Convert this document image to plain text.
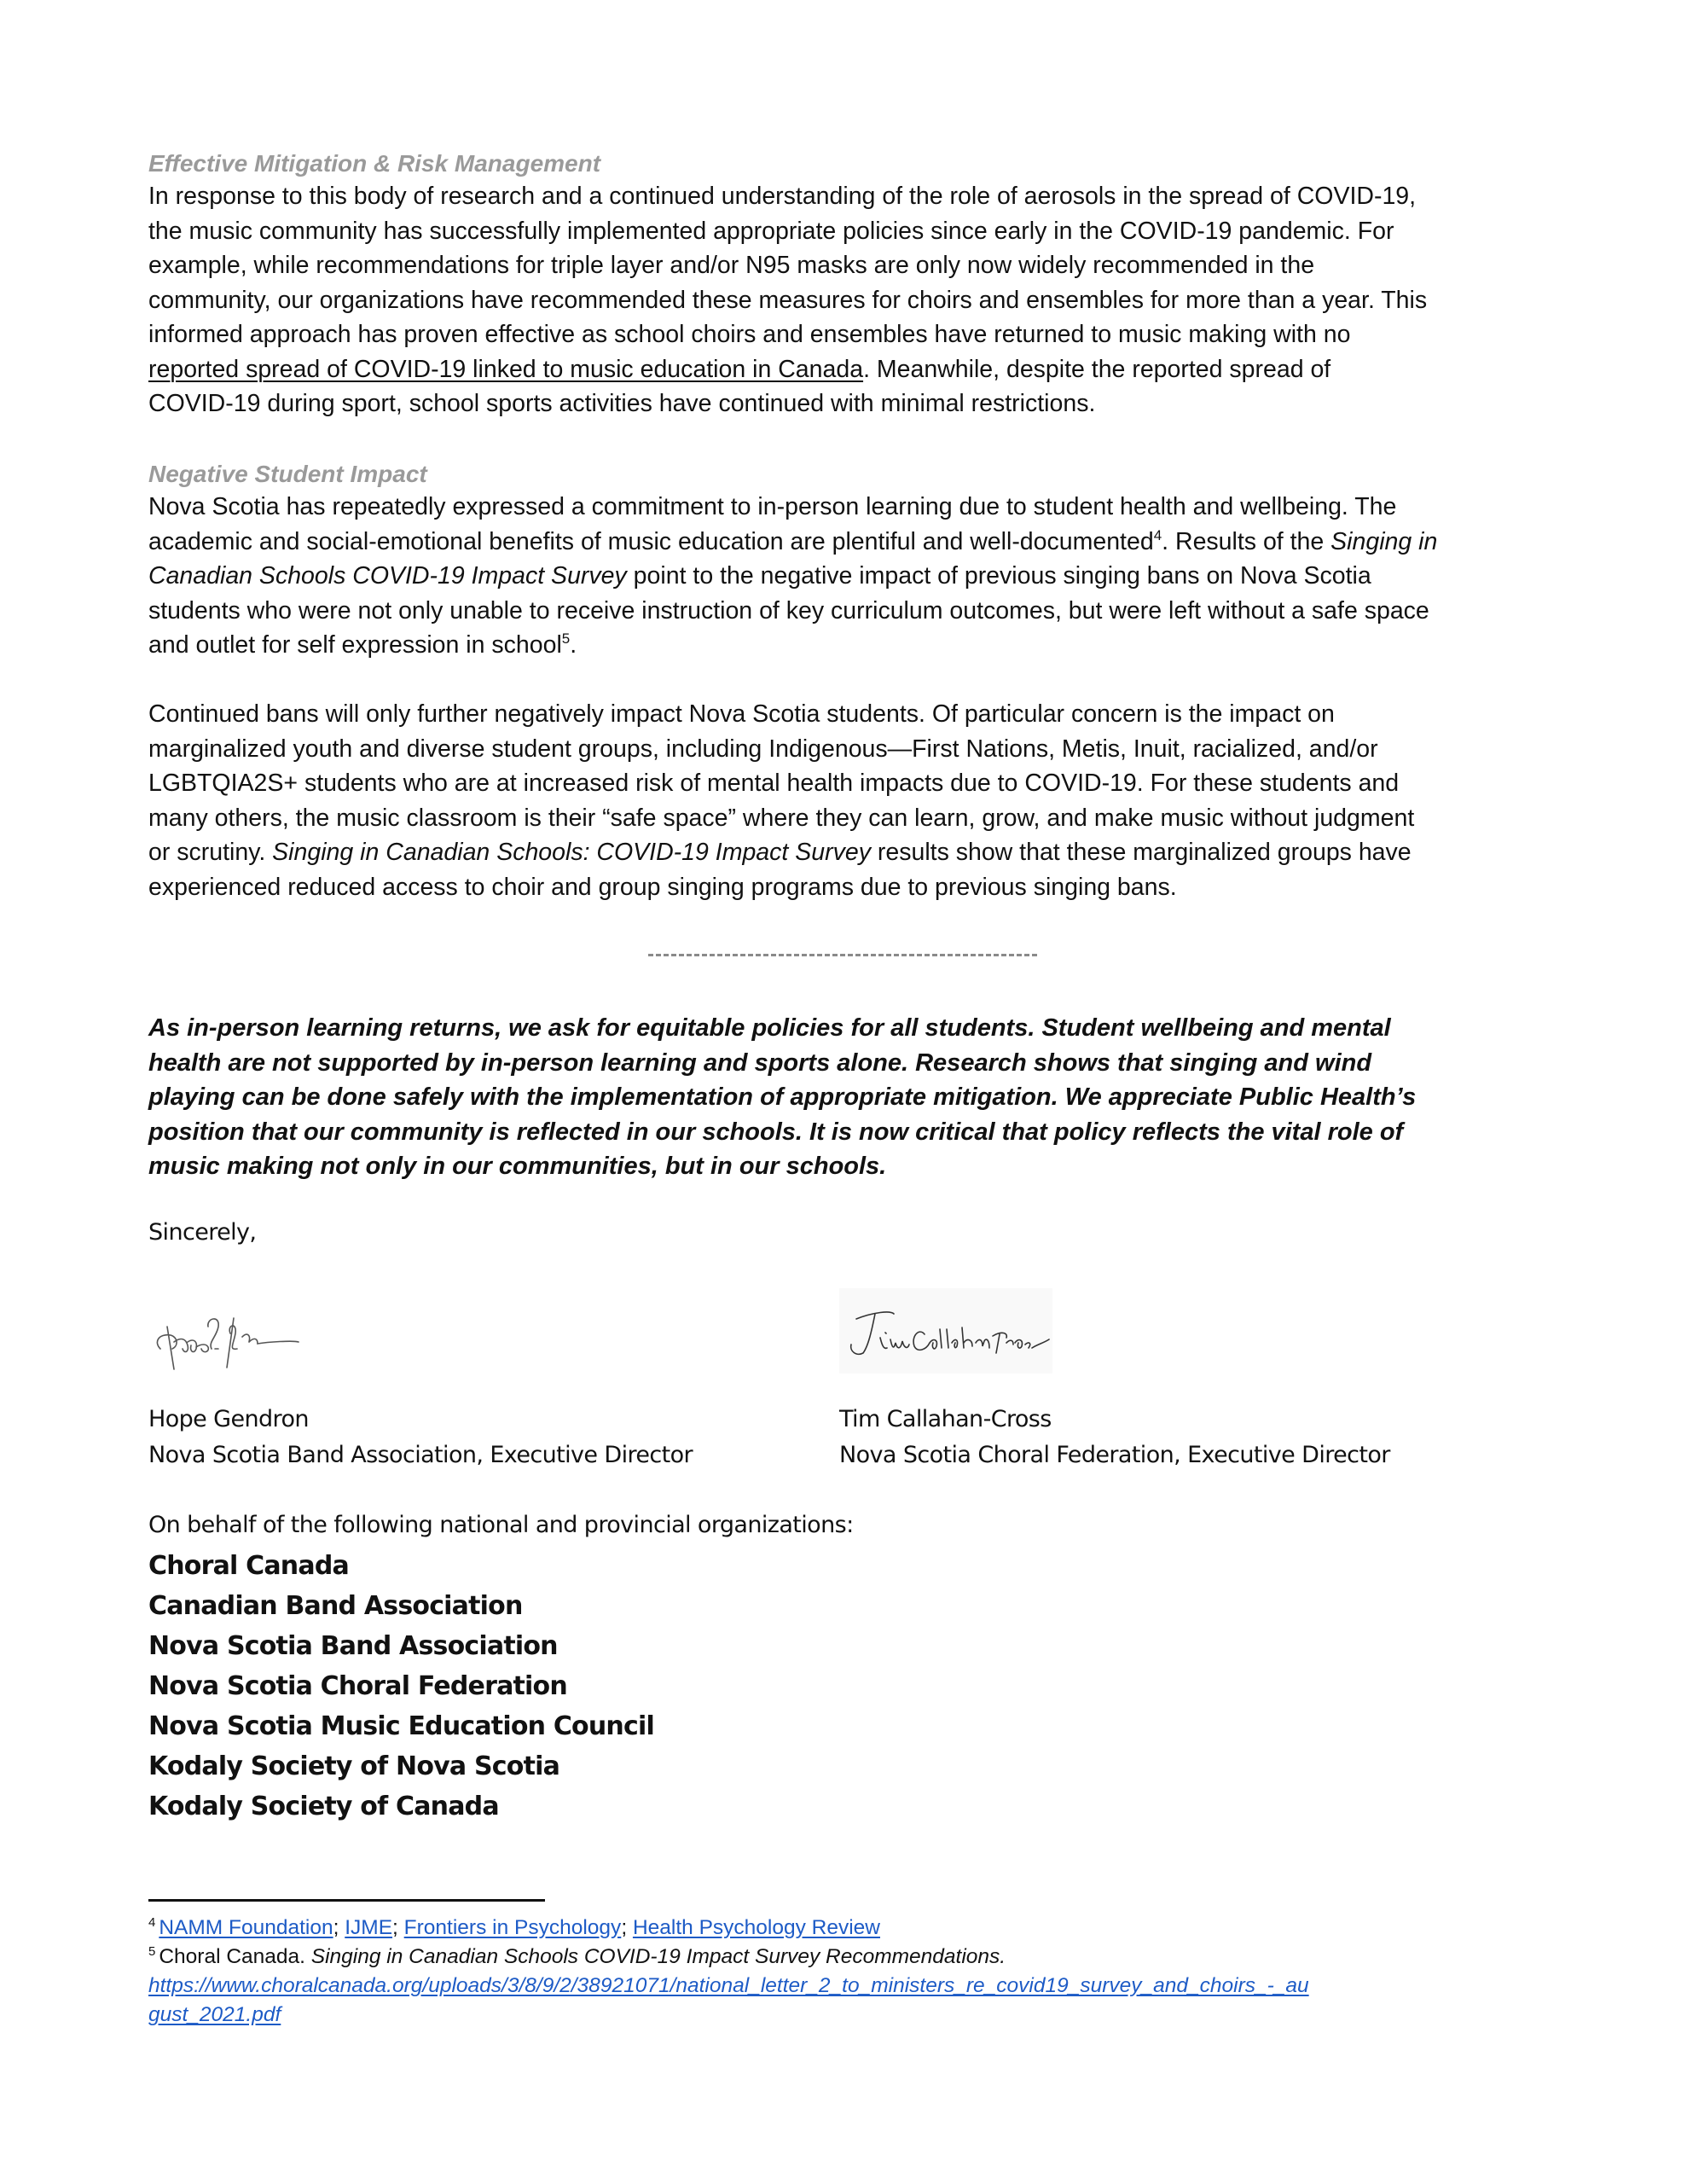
Effective Mitigation & Risk Management
In response to this body of research and a continued understanding of the role of aerosols in the spread of COVID-19,
the music community has successfully implemented appropriate policies since early in the COVID-19 pandemic. For
example, while recommendations for triple layer and/or N95 masks are only now widely recommended in the
community, our organizations have recommended these measures for choirs and ensembles for more than a year. This
informed approach has proven effective as school choirs and ensembles have returned to music making with no
reported spread of COVID-19 linked to music education in Canada. Meanwhile, despite the reported spread of
COVID-19 during sport, school sports activities have continued with minimal restrictions.
Negative Student Impact
Nova Scotia has repeatedly expressed a commitment to in-person learning due to student health and wellbeing. The
academic and social-emotional benefits of music education are plentiful and well-documented$^4$. Results of the Singing in
Canadian Schools COVID-19 Impact Survey point to the negative impact of previous singing bans on Nova Scotia
students who were not only unable to receive instruction of key curriculum outcomes, but were left without a safe space
and outlet for self expression in school$^5$.
Continued bans will only further negatively impact Nova Scotia students. Of particular concern is the impact on
marginalized youth and diverse student groups, including Indigenous—First Nations, Metis, Inuit, racialized, and/or
LGBTQIA2S+ students who are at increased risk of mental health impacts due to COVID-19. For these students and
many others, the music classroom is their “safe space” where they can learn, grow, and make music without judgment
or scrutiny. Singing in Canadian Schools: COVID-19 Impact Survey results show that these marginalized groups have
experienced reduced access to choir and group singing programs due to previous singing bans.
As in-person learning returns, we ask for equitable policies for all students. Student wellbeing and mental
health are not supported by in-person learning and sports alone. Research shows that singing and wind
playing can be done safely with the implementation of appropriate mitigation. We appreciate Public Health’s
position that our community is reflected in our schools. It is now critical that policy reflects the vital role of
music making not only in our communities, but in our schools.
Sincerely,
Hope Gendron
Nova Scotia Band Association, Executive Director
Tim Callahan-Cross
Nova Scotia Choral Federation, Executive Director
On behalf of the following national and provincial organizations:
Choral Canada
Canadian Band Association
Nova Scotia Band Association
Nova Scotia Choral Federation
Nova Scotia Music Education Council
Kodaly Society of Nova Scotia
Kodaly Society of Canada
$^4$ NAMM Foundation; IJME; Frontiers in Psychology; Health Psychology Review
$^5$ Choral Canada. Singing in Canadian Schools COVID-19 Impact Survey Recommendations.
https://www.choralcanada.org/uploads/3/8/9/2/38921071/national_letter_2_to_ministers_re_covid19_survey_and_choirs_-_au
gust_2021.pdf
